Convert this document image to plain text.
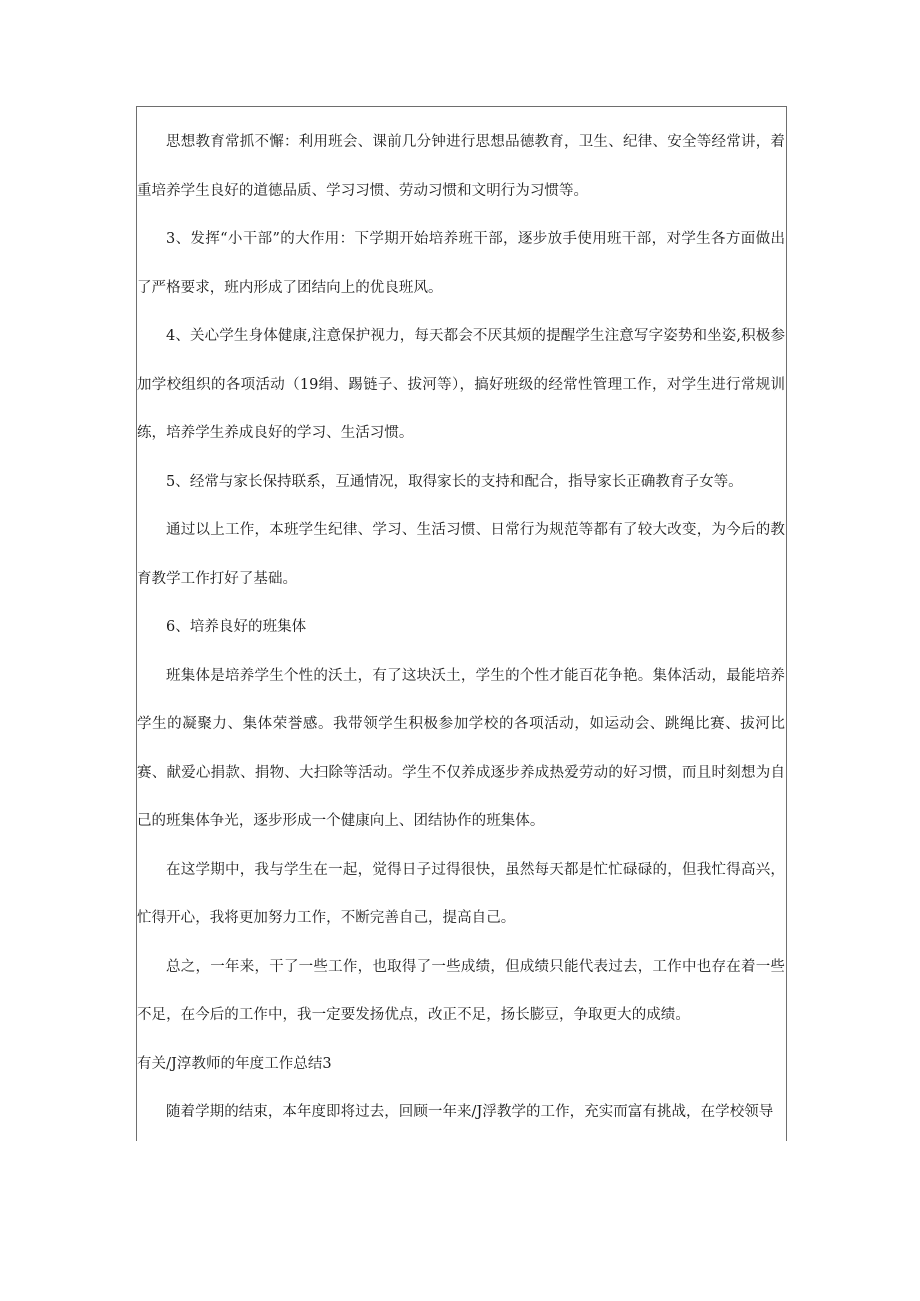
思想教育常抓不懈：利用班会、课前几分钟进行思想品德教育，卫生、纪律、安全等经常讲，着重培养学生良好的道德品质、学习习惯、劳动习惯和文明行为习惯等。

3、发挥“小干部”的大作用：下学期开始培养班干部，逐步放手使用班干部，对学生各方面做出了严格要求，班内形成了团结向上的优良班风。

4、关心学生身体健康,注意保护视力，每天都会不厌其烦的提醒学生注意写字姿势和坐姿,积极参加学校组织的各项活动（19绢、踢链子、拔河等），搞好班级的经常性管理工作，对学生进行常规训练，培养学生养成良好的学习、生活习惯。

5、经常与家长保持联系，互通情况，取得家长的支持和配合，指导家长正确教育子女等。

通过以上工作，本班学生纪律、学习、生活习惯、日常行为规范等都有了较大改变，为今后的教育教学工作打好了基础。

6、培养良好的班集体

班集体是培养学生个性的沃土，有了这块沃土，学生的个性才能百花争艳。集体活动，最能培养学生的凝聚力、集体荣誉感。我带领学生积极参加学校的各项活动，如运动会、跳绳比赛、拔河比赛、献爱心捐款、捐物、大扫除等活动。学生不仅养成逐步养成热爱劳动的好习惯，而且时刻想为自己的班集体争光，逐步形成一个健康向上、团结协作的班集体。

在这学期中，我与学生在一起，觉得日子过得很快，虽然每天都是忙忙碌碌的，但我忙得高兴，忙得开心，我将更加努力工作，不断完善自己，提高自己。

总之，一年来，干了一些工作，也取得了一些成绩，但成绩只能代表过去，工作中也存在着一些不足，在今后的工作中，我一定要发扬优点，改正不足，扬长膨豆，争取更大的成绩。

有关/J淳教师的年度工作总结3

随着学期的结束，本年度即将过去，回顾一年来/J浮教学的工作，充实而富有挑战，在学校领导
